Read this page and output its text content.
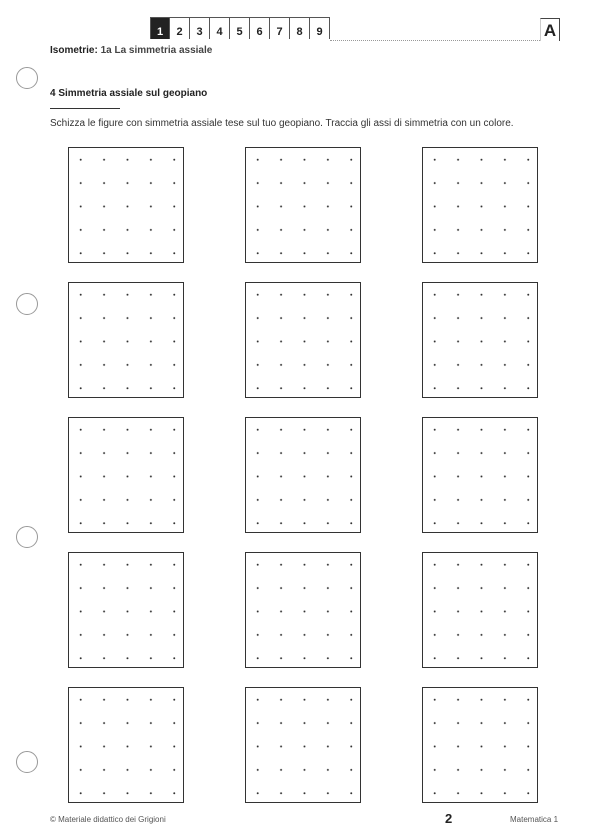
1	2	3	4	5	6	7	8	9	A
Isometrie: 1a La simmetria assiale
4 Simmetria assiale sul geopiano
Schizza le figure con simmetria assiale tese sul tuo geopiano. Traccia gli assi di simmetria con un colore.
© Materiale didattico dei Grigioni	2	Matematica 1
